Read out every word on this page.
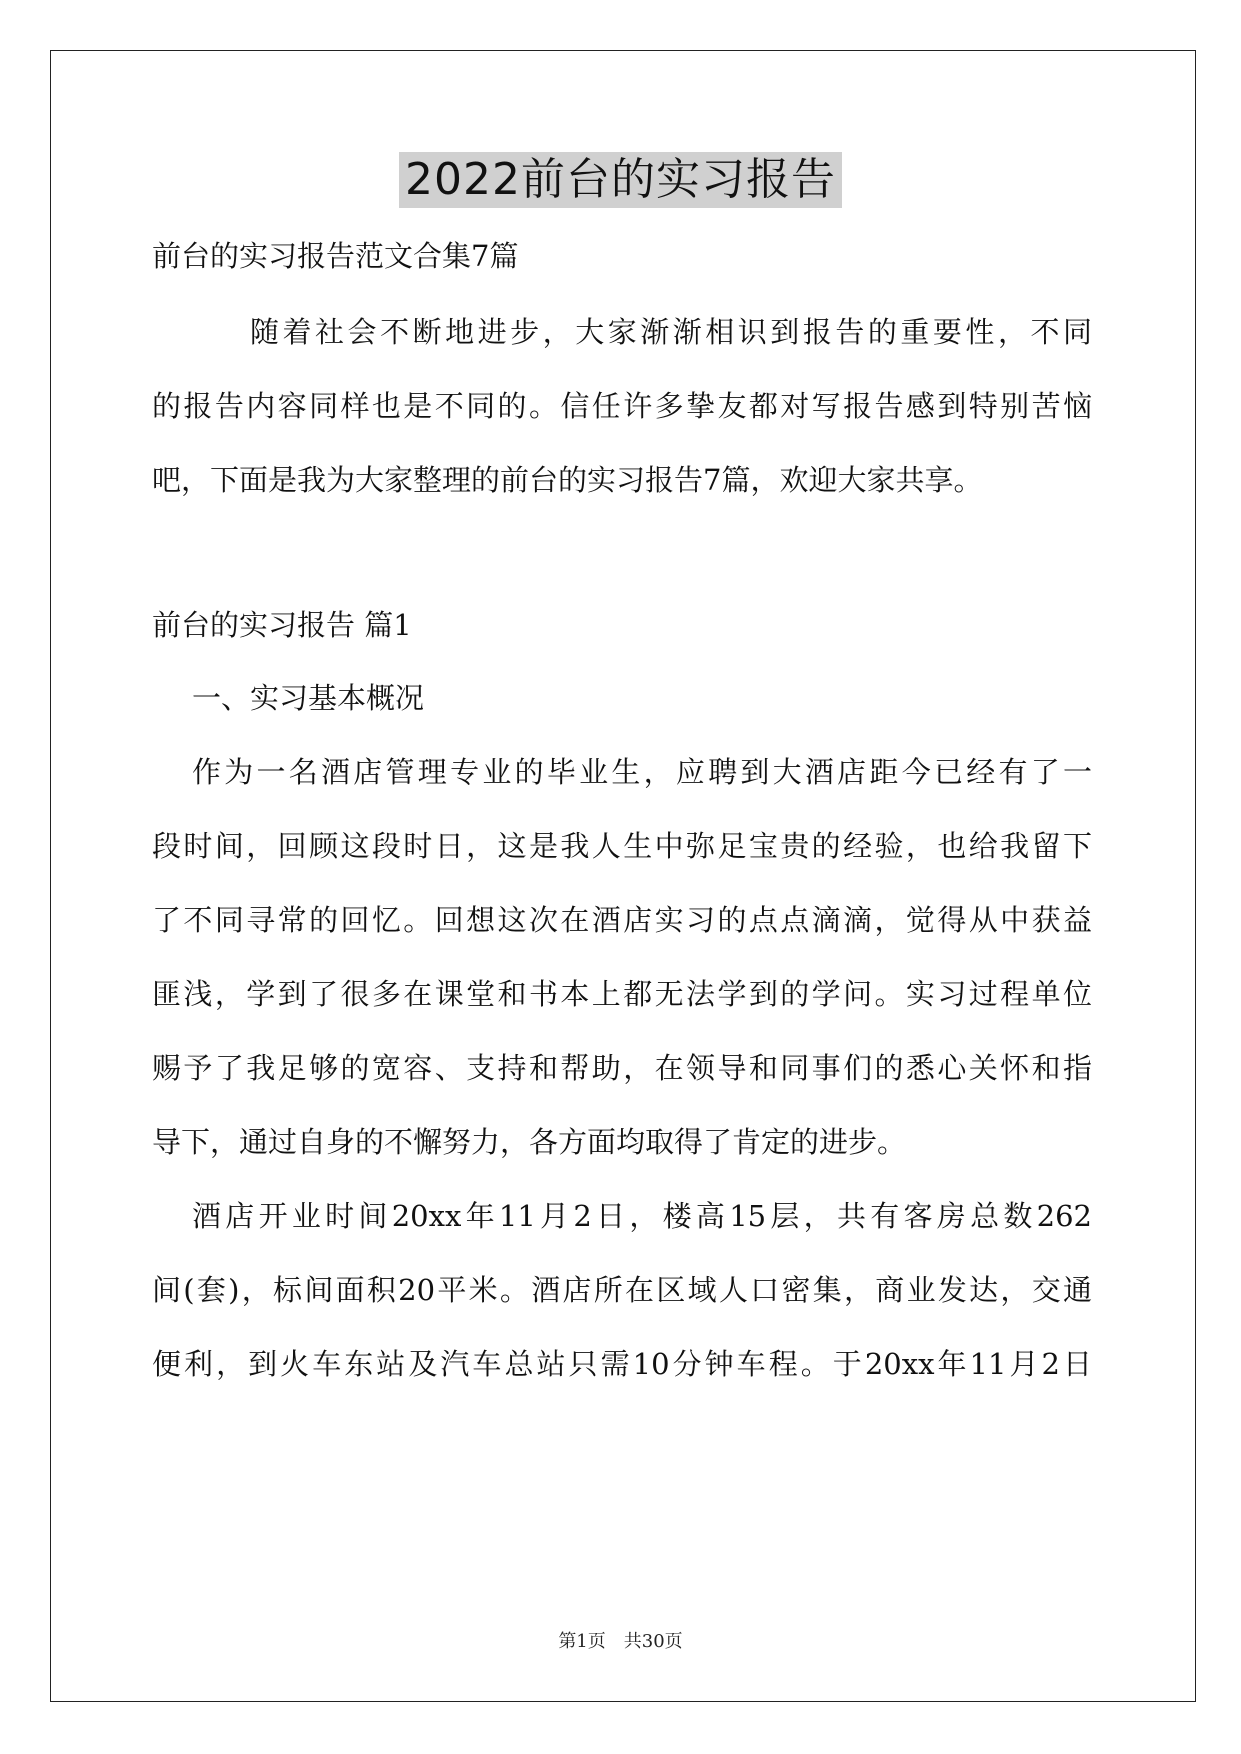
2022前台的实习报告
前台的实习报告范文合集7篇
随着社会不断地进步，大家渐渐相识到报告的重要性，不同
的报告内容同样也是不同的。信任许多挚友都对写报告感到特别苦恼
吧，下面是我为大家整理的前台的实习报告7篇，欢迎大家共享。
前台的实习报告 篇1
一、实习基本概况
作为一名酒店管理专业的毕业生，应聘到大酒店距今已经有了一
段时间，回顾这段时日，这是我人生中弥足宝贵的经验，也给我留下
了不同寻常的回忆。回想这次在酒店实习的点点滴滴，觉得从中获益
匪浅，学到了很多在课堂和书本上都无法学到的学问。实习过程单位
赐予了我足够的宽容、支持和帮助，在领导和同事们的悉心关怀和指
导下，通过自身的不懈努力，各方面均取得了肯定的进步。
酒店开业时间20xx年11月2日，楼高15层，共有客房总数262
间(套)，标间面积20平米。酒店所在区域人口密集，商业发达，交通
便利，到火车东站及汽车总站只需10分钟车程。于20xx年11月2日
第1页　共30页
